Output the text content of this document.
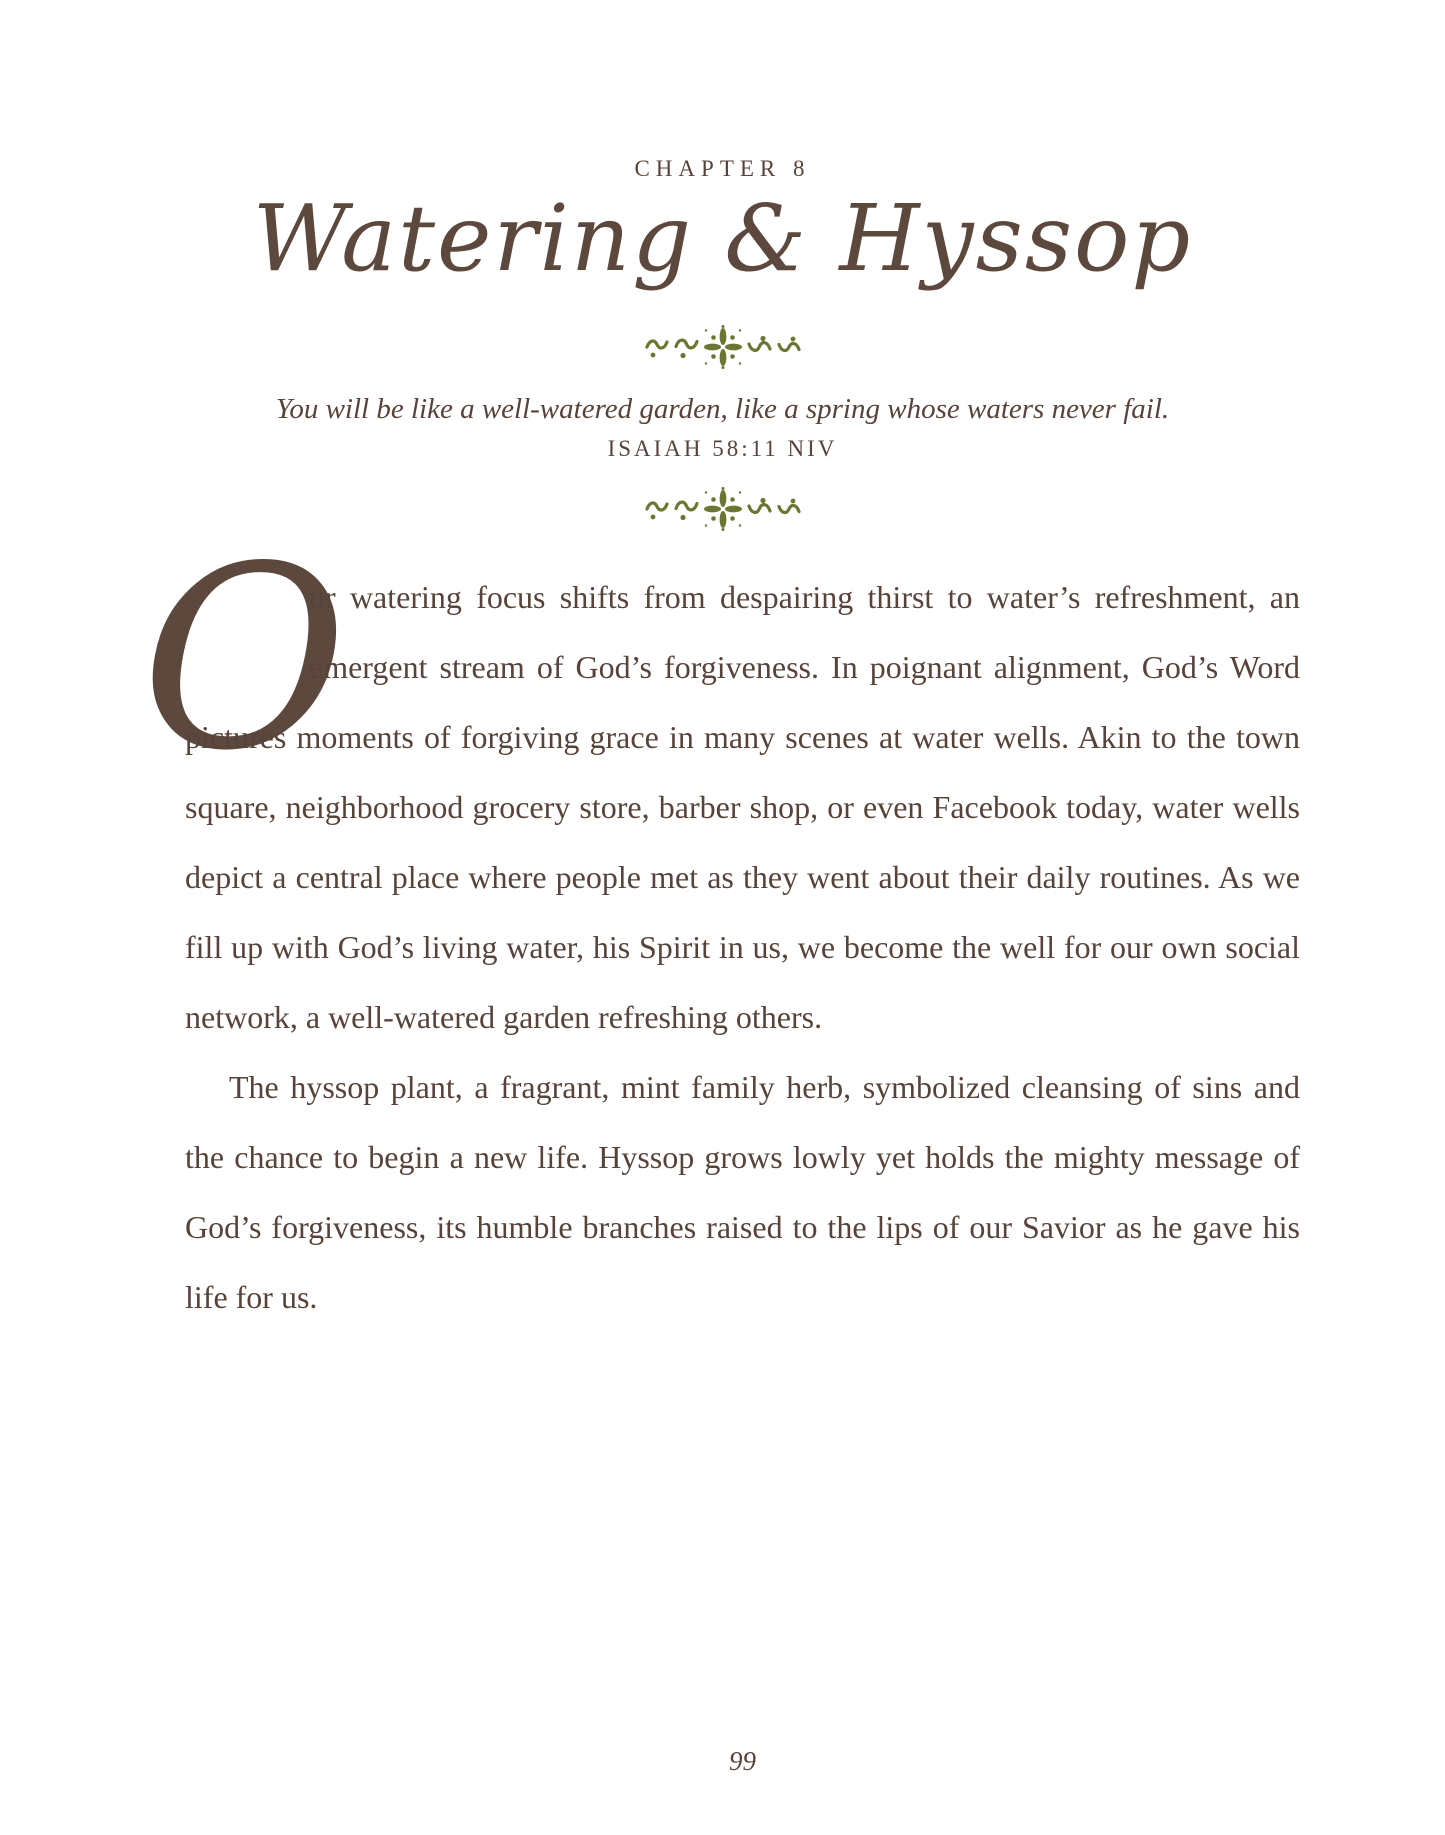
CHAPTER 8
Watering & Hyssop
You will be like a well-watered garden, like a spring whose waters never fail.
ISAIAH 58:11 NIV

O
ur watering focus shifts from despairing thirst to water’s refreshment, an emergent stream of God’s forgiveness. In poignant alignment, God’s Word pictures moments of forgiving grace in many scenes at water wells. Akin to the town square, neighborhood grocery store, barber shop, or even Facebook today, water wells depict a central place where people met as they went about their daily routines. As we fill up with God’s living water, his Spirit in us, we become the well for our own social network, a well-watered garden refreshing others.

The hyssop plant, a fragrant, mint family herb, symbolized cleansing of sins and the chance to begin a new life. Hyssop grows lowly yet holds the mighty message of God’s forgiveness, its humble branches raised to the lips of our Savior as he gave his life for us.

99
